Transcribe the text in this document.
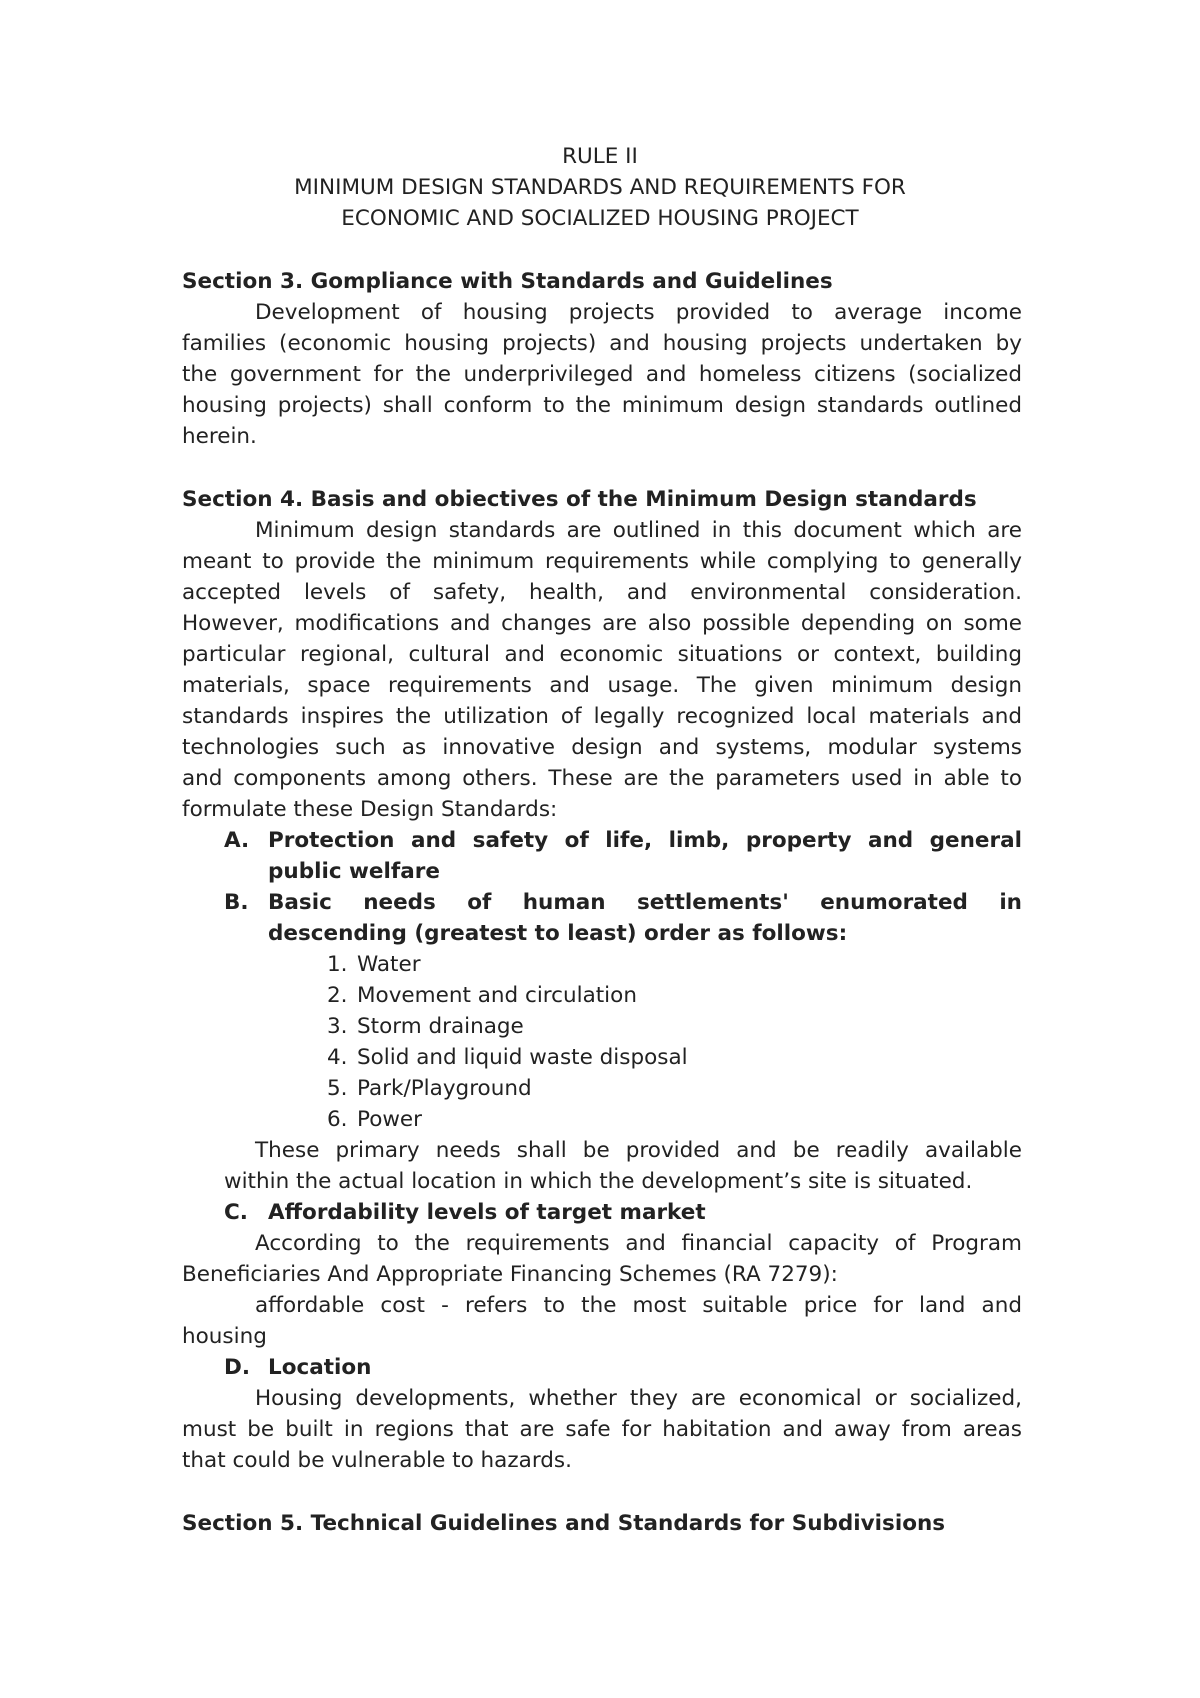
RULE II
MINIMUM DESIGN STANDARDS AND REQUIREMENTS FOR
ECONOMIC AND SOCIALIZED HOUSING PROJECT
Section 3. Gompliance with Standards and Guidelines
Development of housing projects provided to average income
families (economic housing projects) and housing projects undertaken by
the government for the underprivileged and homeless citizens (socialized
housing projects) shall conform to the minimum design standards outlined
herein.
Section 4. Basis and obiectives of the Minimum Design standards
Minimum design standards are outlined in this document which are
meant to provide the minimum requirements while complying to generally
accepted levels of safety, health, and environmental consideration.
However, modifications and changes are also possible depending on some
particular regional, cultural and economic situations or context, building
materials, space requirements and usage. The given minimum design
standards inspires the utilization of legally recognized local materials and
technologies such as innovative design and systems, modular systems
and components among others. These are the parameters used in able to
formulate these Design Standards:
A. Protection and safety of life, limb, property and general
public welfare
B. Basic needs of human settlements' enumorated in
descending (greatest to least) order as follows:
1. Water
2. Movement and circulation
3. Storm drainage
4. Solid and liquid waste disposal
5. Park/Playground
6. Power
These primary needs shall be provided and be readily available
within the actual location in which the development’s site is situated.
C. Affordability levels of target market
According to the requirements and financial capacity of Program
Beneficiaries And Appropriate Financing Schemes (RA 7279):
affordable cost - refers to the most suitable price for land and
housing
D. Location
Housing developments, whether they are economical or socialized,
must be built in regions that are safe for habitation and away from areas
that could be vulnerable to hazards.
Section 5. Technical Guidelines and Standards for Subdivisions
